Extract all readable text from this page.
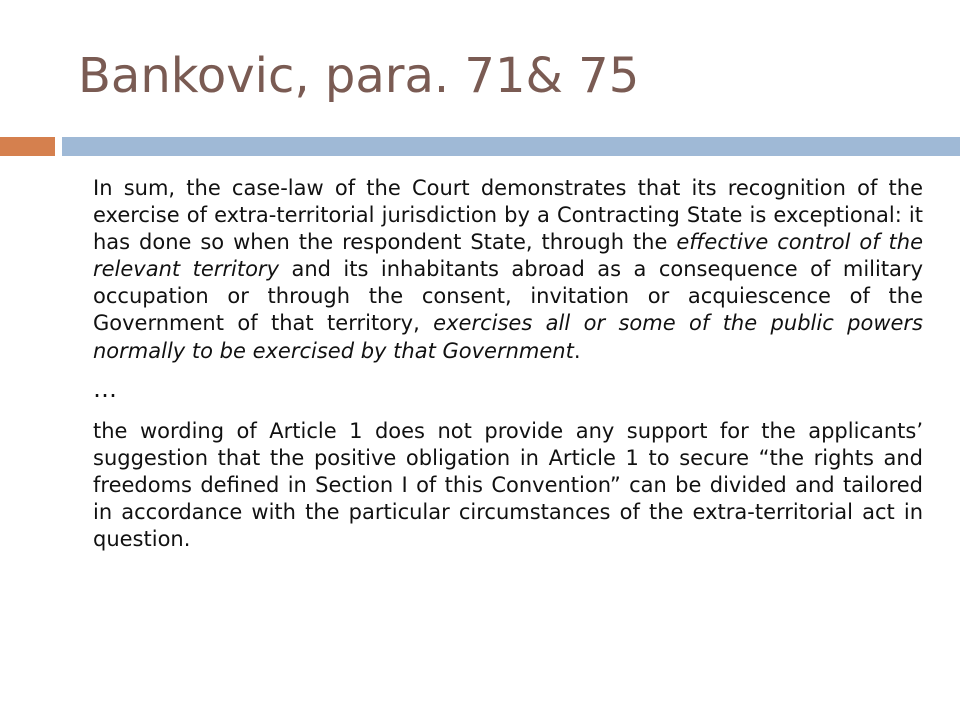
Bankovic, para. 71& 75

In sum, the case-law of the Court demonstrates that its recognition of the exercise of extra-territorial jurisdiction by a Contracting State is exceptional: it has done so when the respondent State, through the effective control of the relevant territory and its inhabitants abroad as a consequence of military occupation or through the consent, invitation or acquiescence of the Government of that territory, exercises all or some of the public powers normally to be exercised by that Government.

…

the wording of Article 1 does not provide any support for the applicants’ suggestion that the positive obligation in Article 1 to secure “the rights and freedoms defined in Section I of this Convention” can be divided and tailored in accordance with the particular circumstances of the extra-territorial act in question.
